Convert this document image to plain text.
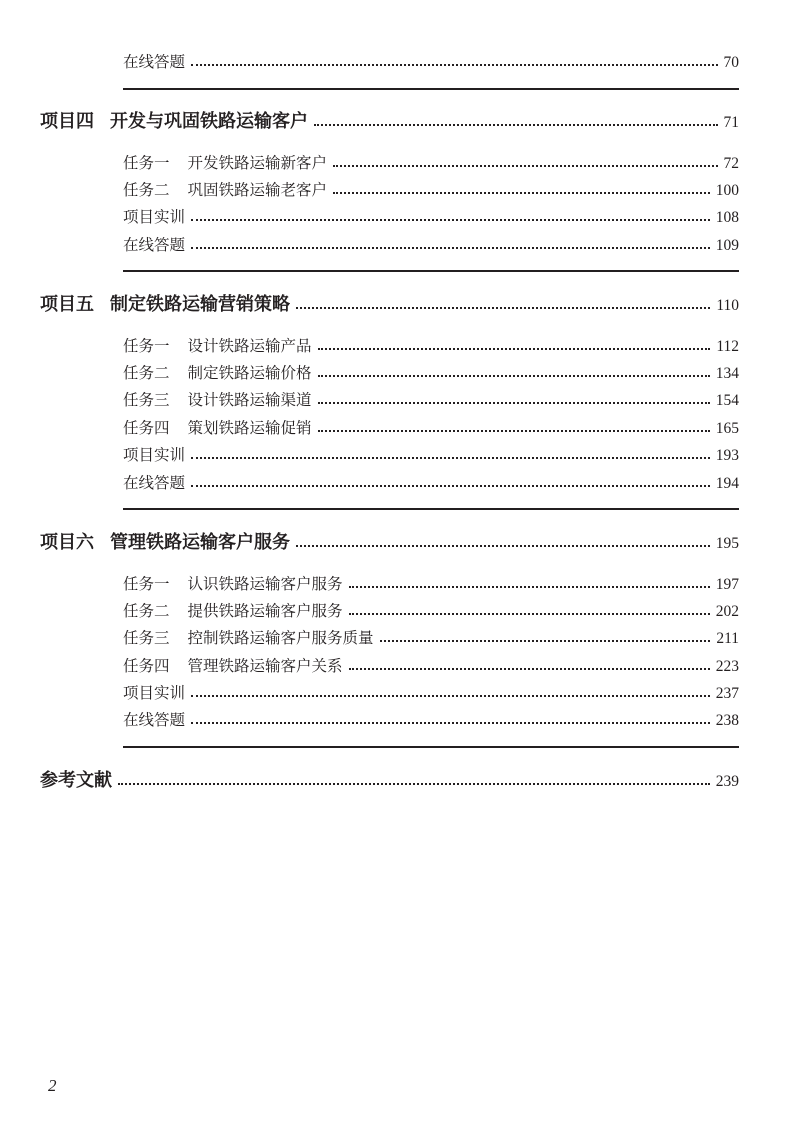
在线答题	70
项目四 开发与巩固铁路运输客户	71
任务一 开发铁路运输新客户	72
任务二 巩固铁路运输老客户	100
项目实训	108
在线答题	109
项目五 制定铁路运输营销策略	110
任务一 设计铁路运输产品	112
任务二 制定铁路运输价格	134
任务三 设计铁路运输渠道	154
任务四 策划铁路运输促销	165
项目实训	193
在线答题	194
项目六 管理铁路运输客户服务	195
任务一 认识铁路运输客户服务	197
任务二 提供铁路运输客户服务	202
任务三 控制铁路运输客户服务质量	211
任务四 管理铁路运输客户关系	223
项目实训	237
在线答题	238
参考文献	239
2
